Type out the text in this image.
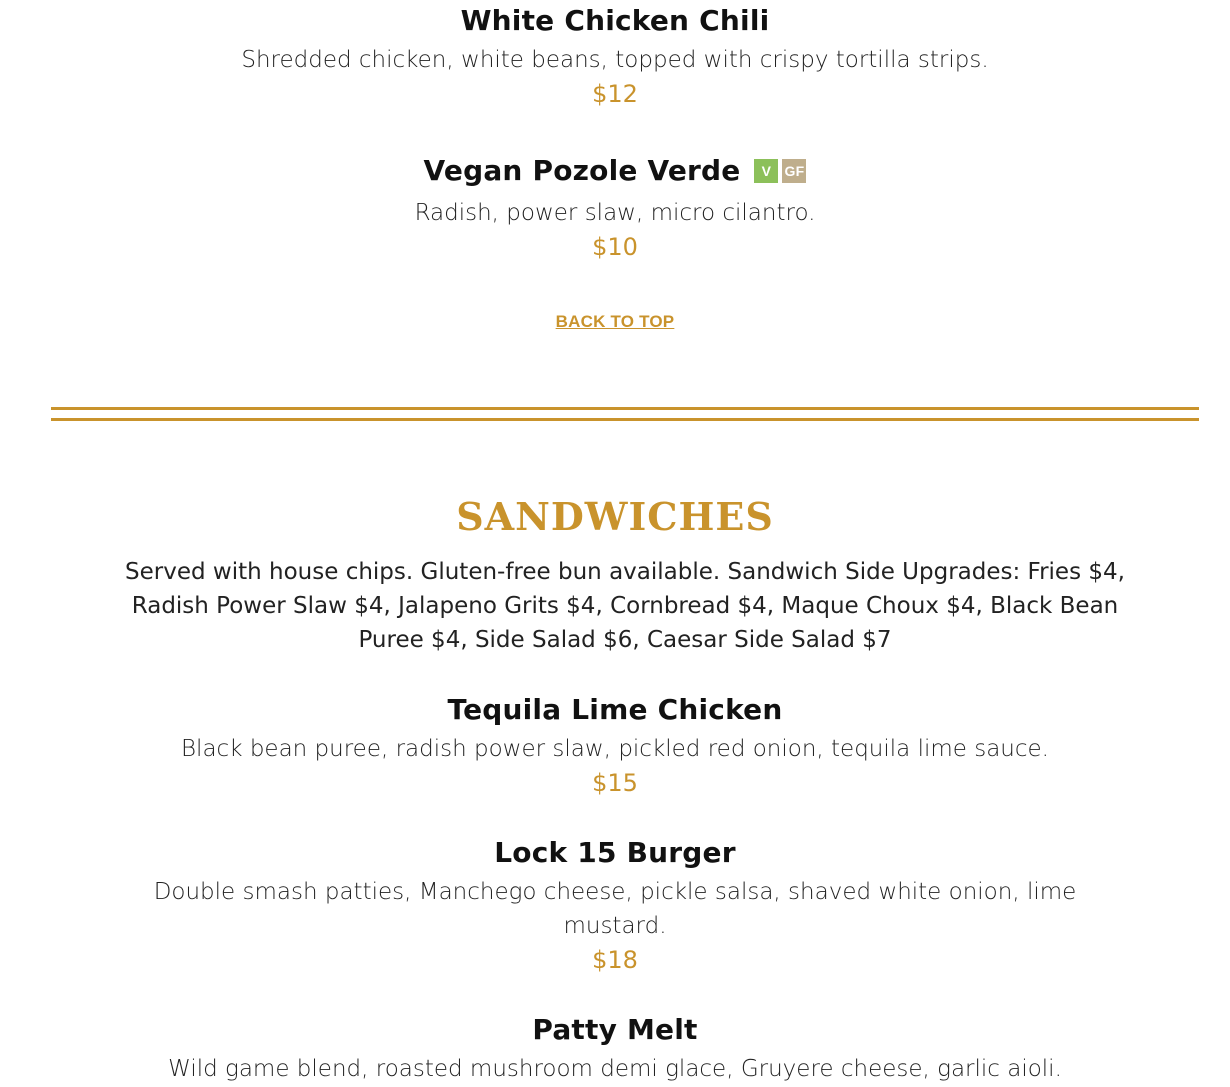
White Chicken Chili
Shredded chicken, white beans, topped with crispy tortilla strips.
$12
Vegan Pozole Verde V GF
Radish, power slaw, micro cilantro.
$10
BACK TO TOP
SANDWICHES
Served with house chips. Gluten-free bun available. Sandwich Side Upgrades: Fries $4, Radish Power Slaw $4, Jalapeno Grits $4, Cornbread $4, Maque Choux $4, Black Bean Puree $4, Side Salad $6, Caesar Side Salad $7
Tequila Lime Chicken
Black bean puree, radish power slaw, pickled red onion, tequila lime sauce.
$15
Lock 15 Burger
Double smash patties, Manchego cheese, pickle salsa, shaved white onion, lime mustard.
$18
Patty Melt
Wild game blend, roasted mushroom demi glace, Gruyere cheese, garlic aioli.
